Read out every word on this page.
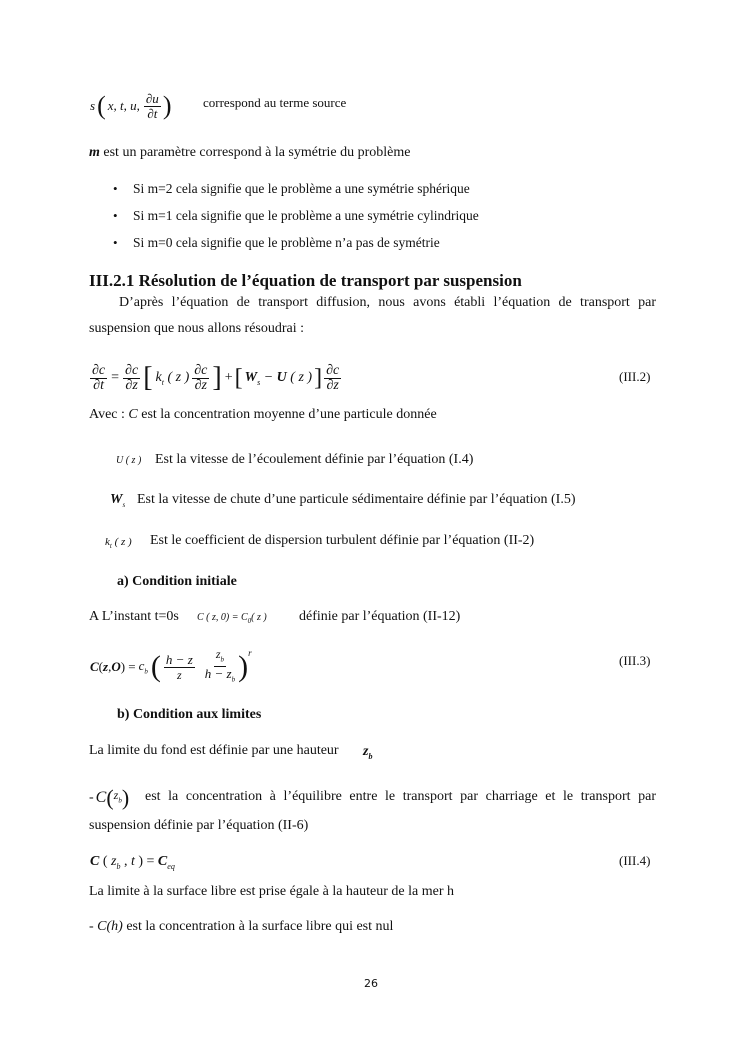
s ( x, t, u, $\frac{\partial u}{\partial t}$ ) correspond au terme source
m est un paramètre correspond à la symétrie du problème
• Si m=2 cela signifie que le problème a une symétrie sphérique
• Si m=1 cela signifie que le problème a une symétrie cylindrique
• Si m=0 cela signifie que le problème n’a pas de symétrie
III.2.1 Résolution de l’équation de transport par suspension
D’après l’équation de transport diffusion, nous avons établi l’équation de transport par
suspension que nous allons résoudrai :
$\frac{\partial c}{\partial t} = \frac{\partial c}{\partial z}$ [ $k_t$ ( z ) $\frac{\partial c}{\partial z}$ ] + [ $W_s - U$ ( z ) ] $\frac{\partial c}{\partial z}$	(III.2)
Avec : C est la concentration moyenne d’une particule donnée
U ( z ) Est la vitesse de l’écoulement définie par l’équation (I.4)
$W_s$ Est la vitesse de chute d’une particule sédimentaire définie par l’équation (I.5)
$k_t$ ( z ) Est le coefficient de dispersion turbulent définie par l’équation (II-2)
a) Condition initiale
A L’instant t=0s C ( z, $0) = C_0$( z ) définie par l’équation (II-12)
C ( z , O ) = $c_b$ ( $\frac{h - z}{z} \frac{z_b}{h - z_b}$ ) r	(III.3)
b) Condition aux limites
La limite du fond est définie par une hauteur $z_b$
- C ( $z_b$ ) est la concentration à l’équilibre entre le transport par charriage et le transport par
suspension définie par l’équation (II-6)
C ( $z_b$ , t ) = $C_{eq}$	(III.4)
La limite à la surface libre est prise égale à la hauteur de la mer h
- C(h) est la concentration à la surface libre qui est nul
26
